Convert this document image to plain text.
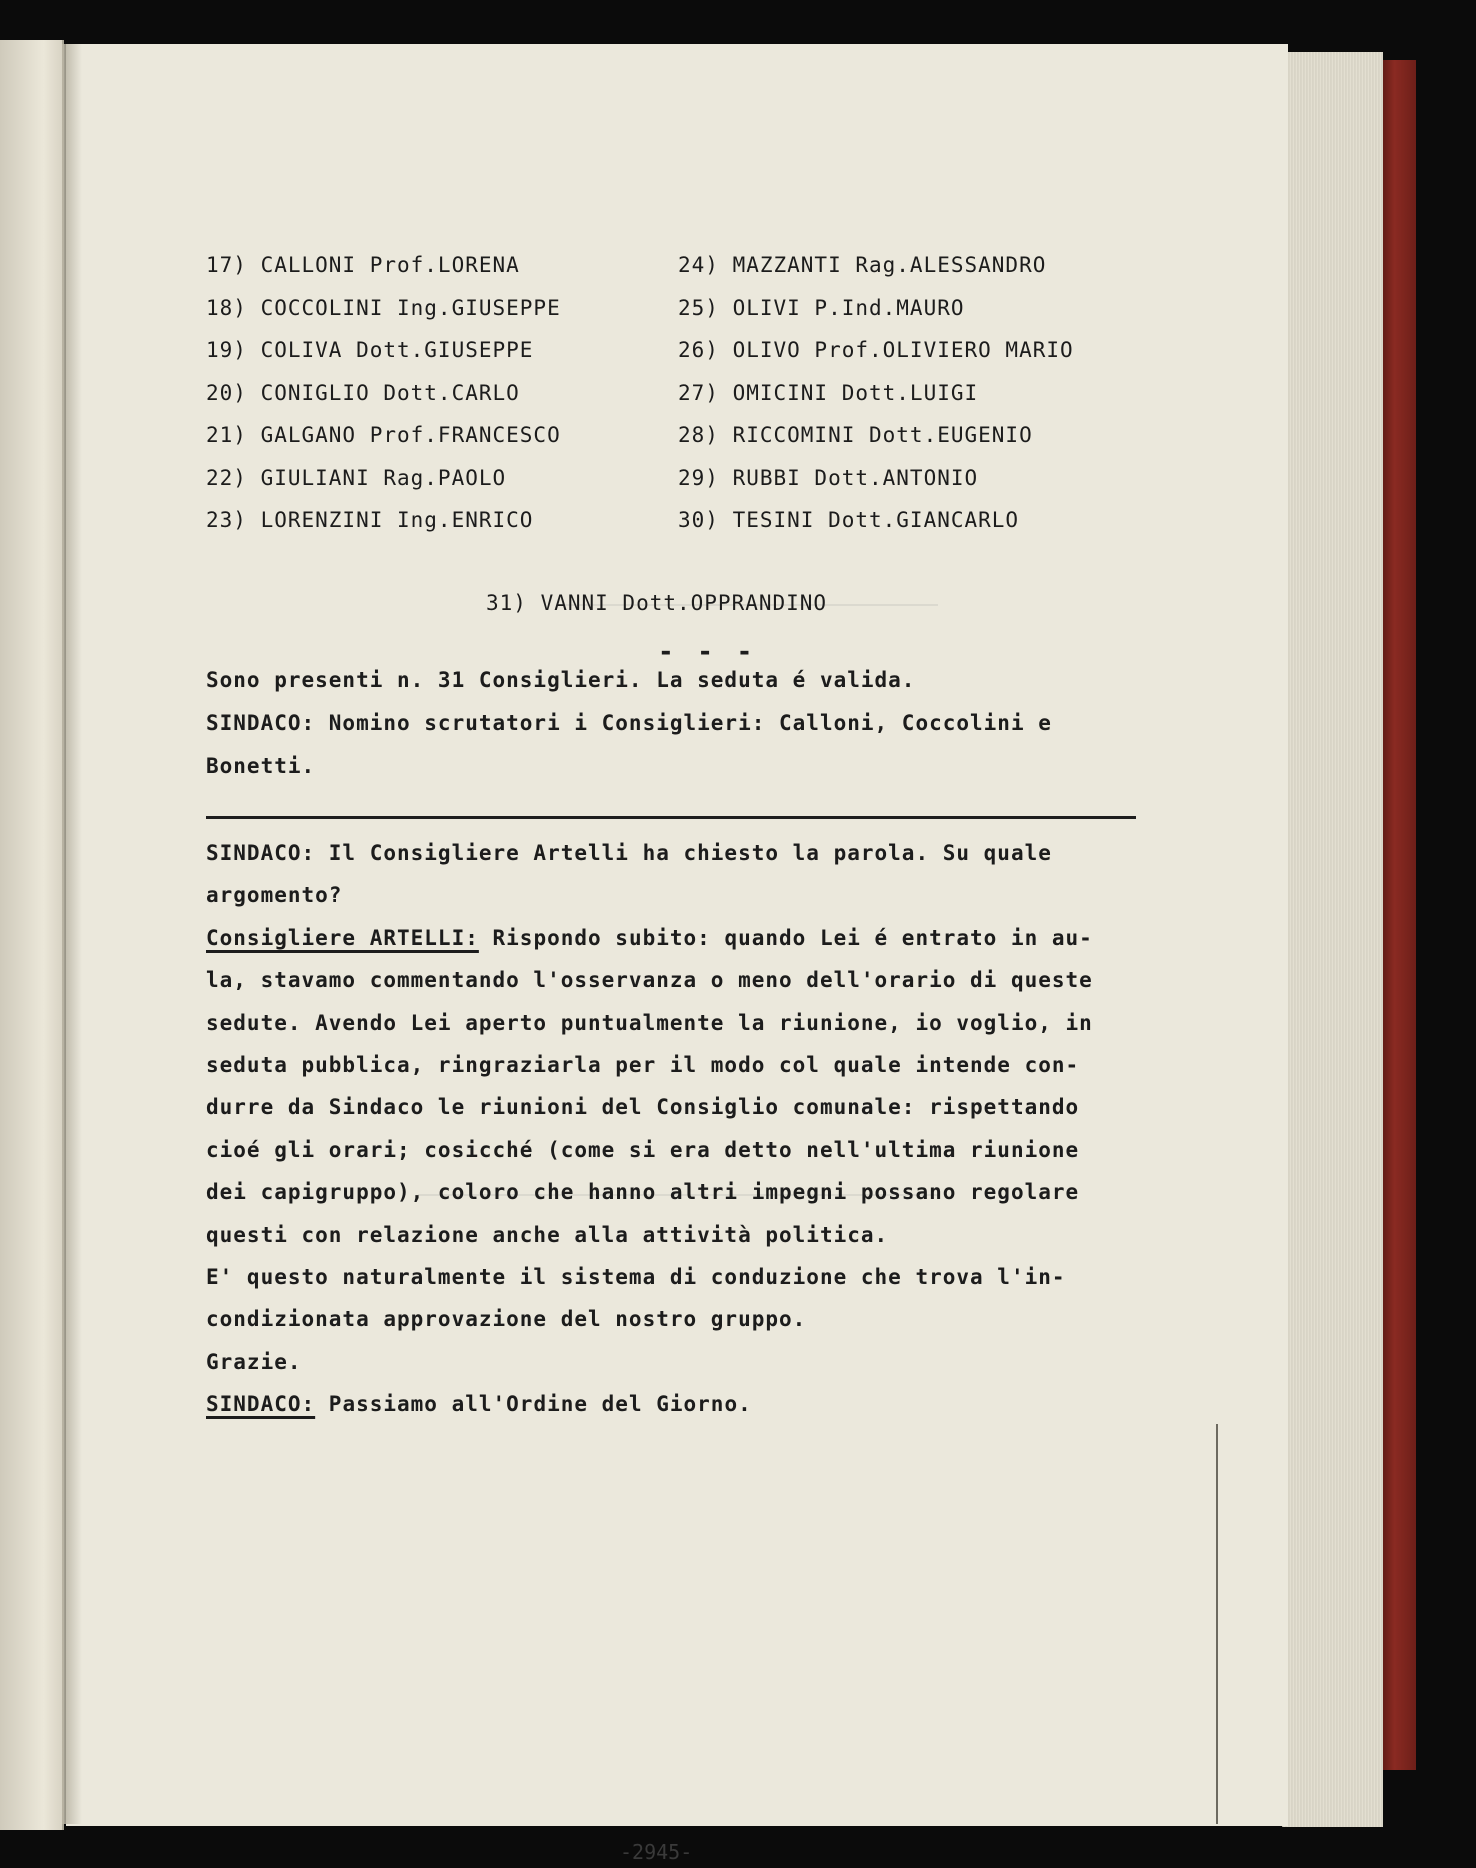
17) CALLONI Prof.LORENA
18) COCCOLINI Ing.GIUSEPPE
19) COLIVA Dott.GIUSEPPE
20) CONIGLIO Dott.CARLO
21) GALGANO Prof.FRANCESCO
22) GIULIANI Rag.PAOLO
23) LORENZINI Ing.ENRICO
24) MAZZANTI Rag.ALESSANDRO
25) OLIVI P.Ind.MAURO
26) OLIVO Prof.OLIVIERO MARIO
27) OMICINI Dott.LUIGI
28) RICCOMINI Dott.EUGENIO
29) RUBBI Dott.ANTONIO
30) TESINI Dott.GIANCARLO
31) VANNI Dott.OPPRANDINO
- - -
Sono presenti n. 31 Consiglieri. La seduta é valida.
SINDACO: Nomino scrutatori i Consiglieri: Calloni, Coccolini e
Bonetti.
SINDACO: Il Consigliere Artelli ha chiesto la parola. Su quale
argomento?
Consigliere ARTELLI: Rispondo subito: quando Lei é entrato in au-
la, stavamo commentando l'osservanza o meno dell'orario di queste
sedute. Avendo Lei aperto puntualmente la riunione, io voglio, in
seduta pubblica, ringraziarla per il modo col quale intende con-
durre da Sindaco le riunioni del Consiglio comunale: rispettando
cioé gli orari; cosicché (come si era detto nell'ultima riunione
dei capigruppo), coloro che hanno altri impegni possano regolare
questi con relazione anche alla attività politica.
E' questo naturalmente il sistema di conduzione che trova l'in-
condizionata approvazione del nostro gruppo.
Grazie.
SINDACO: Passiamo all'Ordine del Giorno.
-2945-
